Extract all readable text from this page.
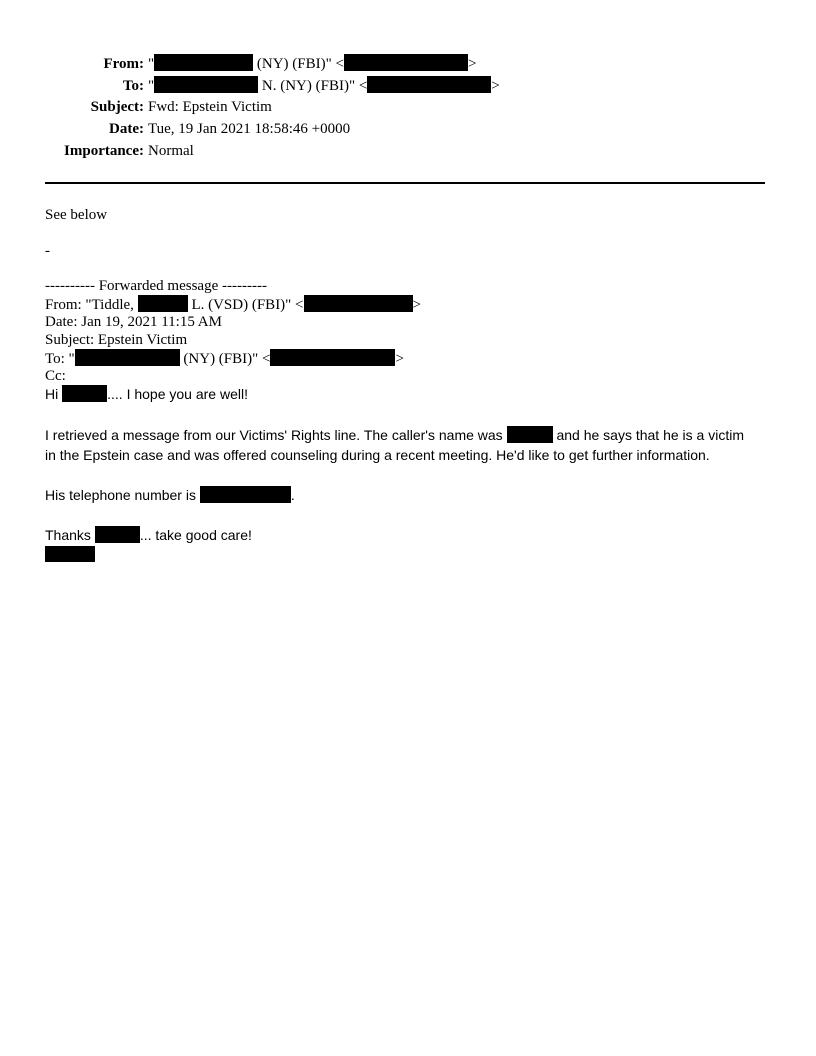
From: "	(NY) (FBI)" <	>
To: "	N. (NY) (FBI)" <	>
Subject: Fwd: Epstein Victim
Date: Tue, 19 Jan 2021 18:58:46 +0000
Importance: Normal
See below
-
---------- Forwarded message ---------
From: "Tiddle,	L. (VSD) (FBI)" <	>
Date: Jan 19, 2021 11:15 AM
Subject: Epstein Victim
To: "	(NY) (FBI)" <	>
Cc:
Hi	.... I hope you are well!
I retrieved a message from our Victims' Rights line. The caller's name was	and he says that he is a victim
in the Epstein case and was offered counseling during a recent meeting. He'd like to get further information.
His telephone number is	.
Thanks	... take good care!
